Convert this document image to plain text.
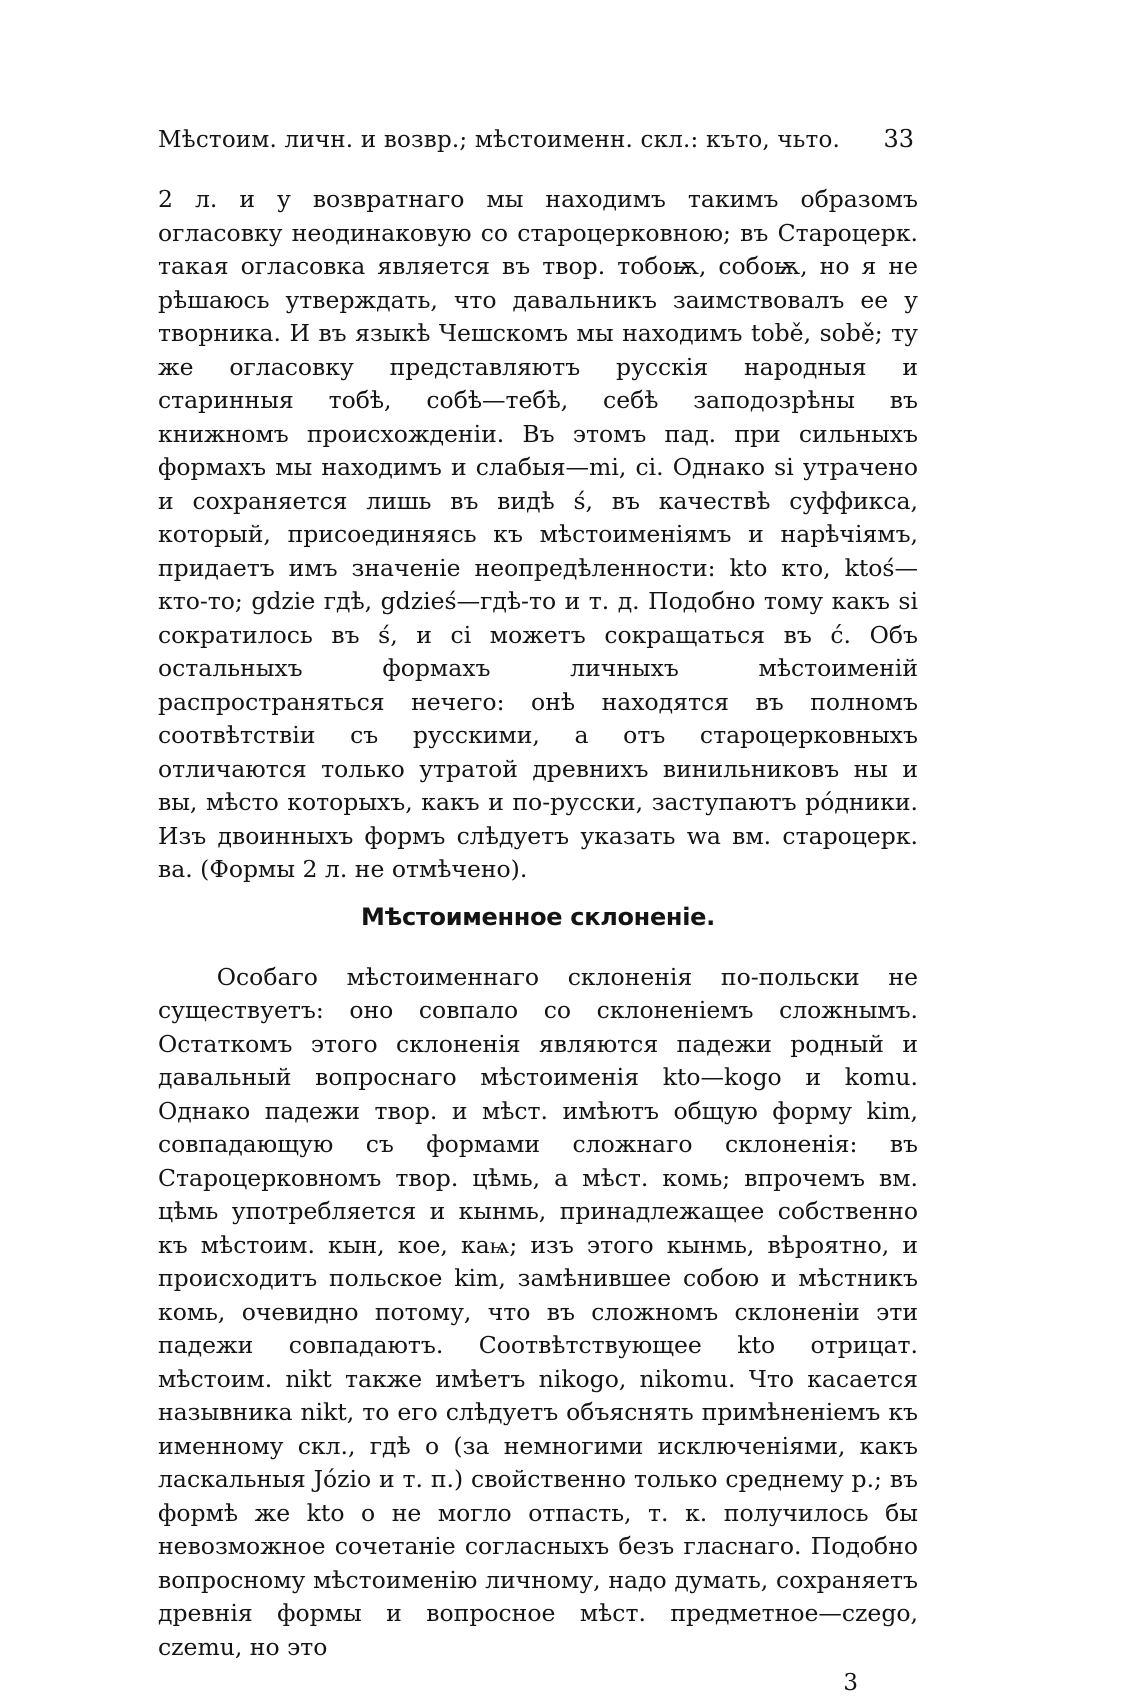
Мѣстоим. личн. и возвр.; мѣстоименн. скл.: къто, чьто. 33

2 л. и у возвратнаго мы находимъ такимъ образомъ огласовку неодинаковую со староцерковною; въ Староцерк. такая огласовка является въ твор. тобоѭ, собоѭ, но я не рѣшаюсь утверждать, что давальникъ заимствовалъ ее у творника. И въ языкѣ Чешскомъ мы находимъ tobě, sobě; ту же огласовку представляютъ русскія народныя и старинныя тобѣ, собѣ—тебѣ, себѣ заподозрѣны въ книжномъ происхожденіи. Въ этомъ пад. при сильныхъ формахъ мы находимъ и слабыя—mi, ci. Однако si утрачено и сохраняется лишь въ видѣ ś, въ качествѣ суффикса, который, присоединяясь къ мѣстоименіямъ и нарѣчіямъ, придаетъ имъ значеніе неопредѣленности: kto кто, ktoś—кто-то; gdzie гдѣ, gdzieś—гдѣ-то и т. д. Подобно тому какъ si сократилось въ ś, и ci можетъ сокращаться въ ć. Объ остальныхъ формахъ личныхъ мѣстоименій распространяться нечего: онѣ находятся въ полномъ соотвѣтствіи съ русскими, а отъ староцерковныхъ отличаются только утратой древнихъ винильниковъ ны и вы, мѣсто которыхъ, какъ и по-русски, заступаютъ рóдники. Изъ двоинныхъ формъ слѣдуетъ указать wa вм. староцерк. ва. (Формы 2 л. не отмѣчено).

Мѣстоименное склоненіе.

Особаго мѣстоименнаго склоненія по-польски не существуетъ: оно совпало со склоненіемъ сложнымъ. Остаткомъ этого склоненія являются падежи родный и давальный вопроснаго мѣстоименія kto—kogo и komu. Однако падежи твор. и мѣст. имѣютъ общую форму kim, совпадающую съ формами сложнаго склоненія: въ Староцерковномъ твор. цѣмь, а мѣст. комь; впрочемъ вм. цѣмь употребляется и кынмь, принадлежащее собственно къ мѣстоим. кын, кое, каѩ; изъ этого кынмь, вѣроятно, и происходитъ польское kim, замѣнившее собою и мѣстникъ комь, очевидно потому, что въ сложномъ склоненіи эти падежи совпадаютъ. Соотвѣтствующее kto отрицат. мѣстоим. nikt также имѣетъ nikogo, nikomu. Что касается назывника nikt, то его слѣдуетъ объяснять примѣненіемъ къ именному скл., гдѣ o (за немногими исключеніями, какъ ласкальныя Józio и т. п.) свойственно только среднему р.; въ формѣ же kto o не могло отпасть, т. к. получилось бы невозможное сочетаніе согласныхъ безъ гласнаго. Подобно вопросному мѣстоименію личному, надо думать, сохраняетъ древнія формы и вопросное мѣст. предметное—czego, czemu, но это

3
